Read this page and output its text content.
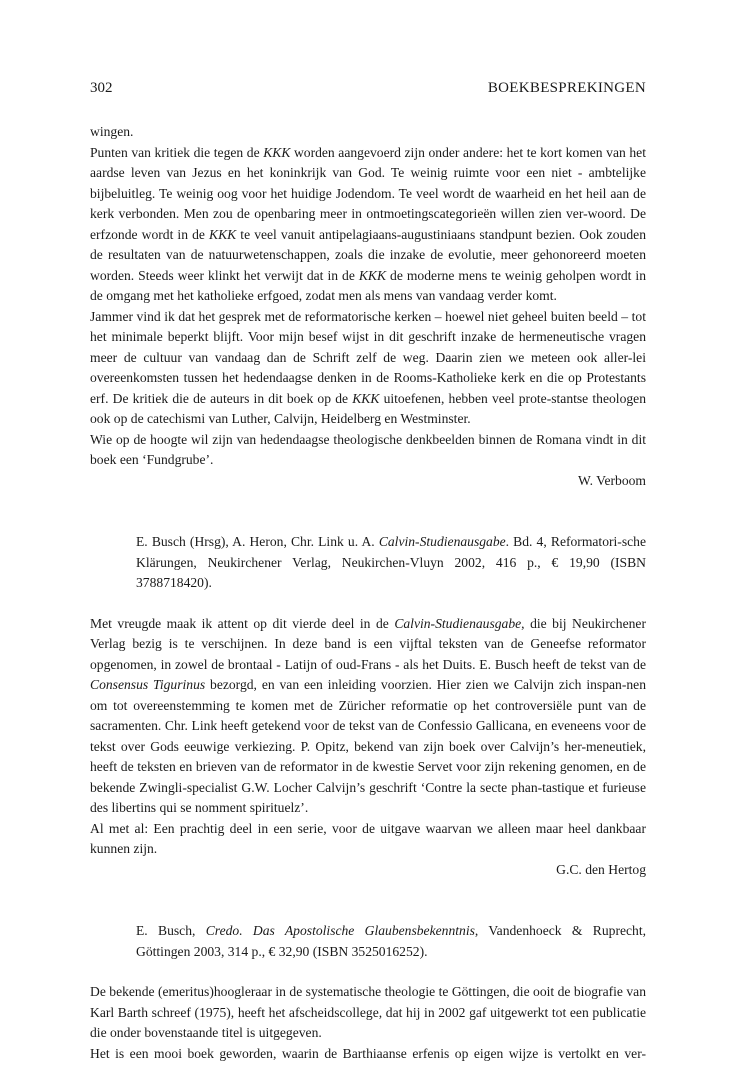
302	BOEKBESPREKINGEN

wingen.

Punten van kritiek die tegen de KKK worden aangevoerd zijn onder andere: het te kort komen van het aardse leven van Jezus en het koninkrijk van God. Te weinig ruimte voor een niet - ambtelijke bijbeluitleg. Te weinig oog voor het huidige Jodendom. Te veel wordt de waarheid en het heil aan de kerk verbonden. Men zou de openbaring meer in ontmoetingscategorieën willen zien ver-woord. De erfzonde wordt in de KKK te veel vanuit antipelagiaans-augustiniaans standpunt bezien. Ook zouden de resultaten van de natuurwetenschappen, zoals die inzake de evolutie, meer gehonoreerd moeten worden. Steeds weer klinkt het verwijt dat in de KKK de moderne mens te weinig geholpen wordt in de omgang met het katholieke erfgoed, zodat men als mens van vandaag verder komt.

Jammer vind ik dat het gesprek met de reformatorische kerken – hoewel niet geheel buiten beeld – tot het minimale beperkt blijft. Voor mijn besef wijst in dit geschrift inzake de hermeneutische vragen meer de cultuur van vandaag dan de Schrift zelf de weg. Daarin zien we meteen ook aller-lei overeenkomsten tussen het hedendaagse denken in de Rooms-Katholieke kerk en die op Protestants erf. De kritiek die de auteurs in dit boek op de KKK uitoefenen, hebben veel prote-stantse theologen ook op de catechismi van Luther, Calvijn, Heidelberg en Westminster.

Wie op de hoogte wil zijn van hedendaagse theologische denkbeelden binnen de Romana vindt in dit boek een ‘Fundgrube’.

W. Verboom

E. Busch (Hrsg), A. Heron, Chr. Link u. A. Calvin-Studienausgabe. Bd. 4, Reformatori-sche Klärungen, Neukirchener Verlag, Neukirchen-Vluyn 2002, 416 p., € 19,90 (ISBN 3788718420).

Met vreugde maak ik attent op dit vierde deel in de Calvin-Studienausgabe, die bij Neukirchener Verlag bezig is te verschijnen. In deze band is een vijftal teksten van de Geneefse reformator opgenomen, in zowel de brontaal - Latijn of oud-Frans - als het Duits. E. Busch heeft de tekst van de Consensus Tigurinus bezorgd, en van een inleiding voorzien. Hier zien we Calvijn zich inspan-nen om tot overeenstemming te komen met de Züricher reformatie op het controversiële punt van de sacramenten. Chr. Link heeft getekend voor de tekst van de Confessio Gallicana, en eveneens voor de tekst over Gods eeuwige verkiezing. P. Opitz, bekend van zijn boek over Calvijn’s her-meneutiek, heeft de teksten en brieven van de reformator in de kwestie Servet voor zijn rekening genomen, en de bekende Zwingli-specialist G.W. Locher Calvijn’s geschrift ‘Contre la secte phan-tastique et furieuse des libertins qui se nomment spirituelz’.

Al met al: Een prachtig deel in een serie, voor de uitgave waarvan we alleen maar heel dankbaar kunnen zijn.

G.C. den Hertog

E. Busch, Credo. Das Apostolische Glaubensbekenntnis, Vandenhoeck & Ruprecht, Göttingen 2003, 314 p., € 32,90 (ISBN 3525016252).

De bekende (emeritus)hoogleraar in de systematische theologie te Göttingen, die ooit de biografie van Karl Barth schreef (1975), heeft het afscheidscollege, dat hij in 2002 gaf uitgewerkt tot een publicatie die onder bovenstaande titel is uitgegeven.

Het is een mooi boek geworden, waarin de Barthiaanse erfenis op eigen wijze is vertolkt en ver-
